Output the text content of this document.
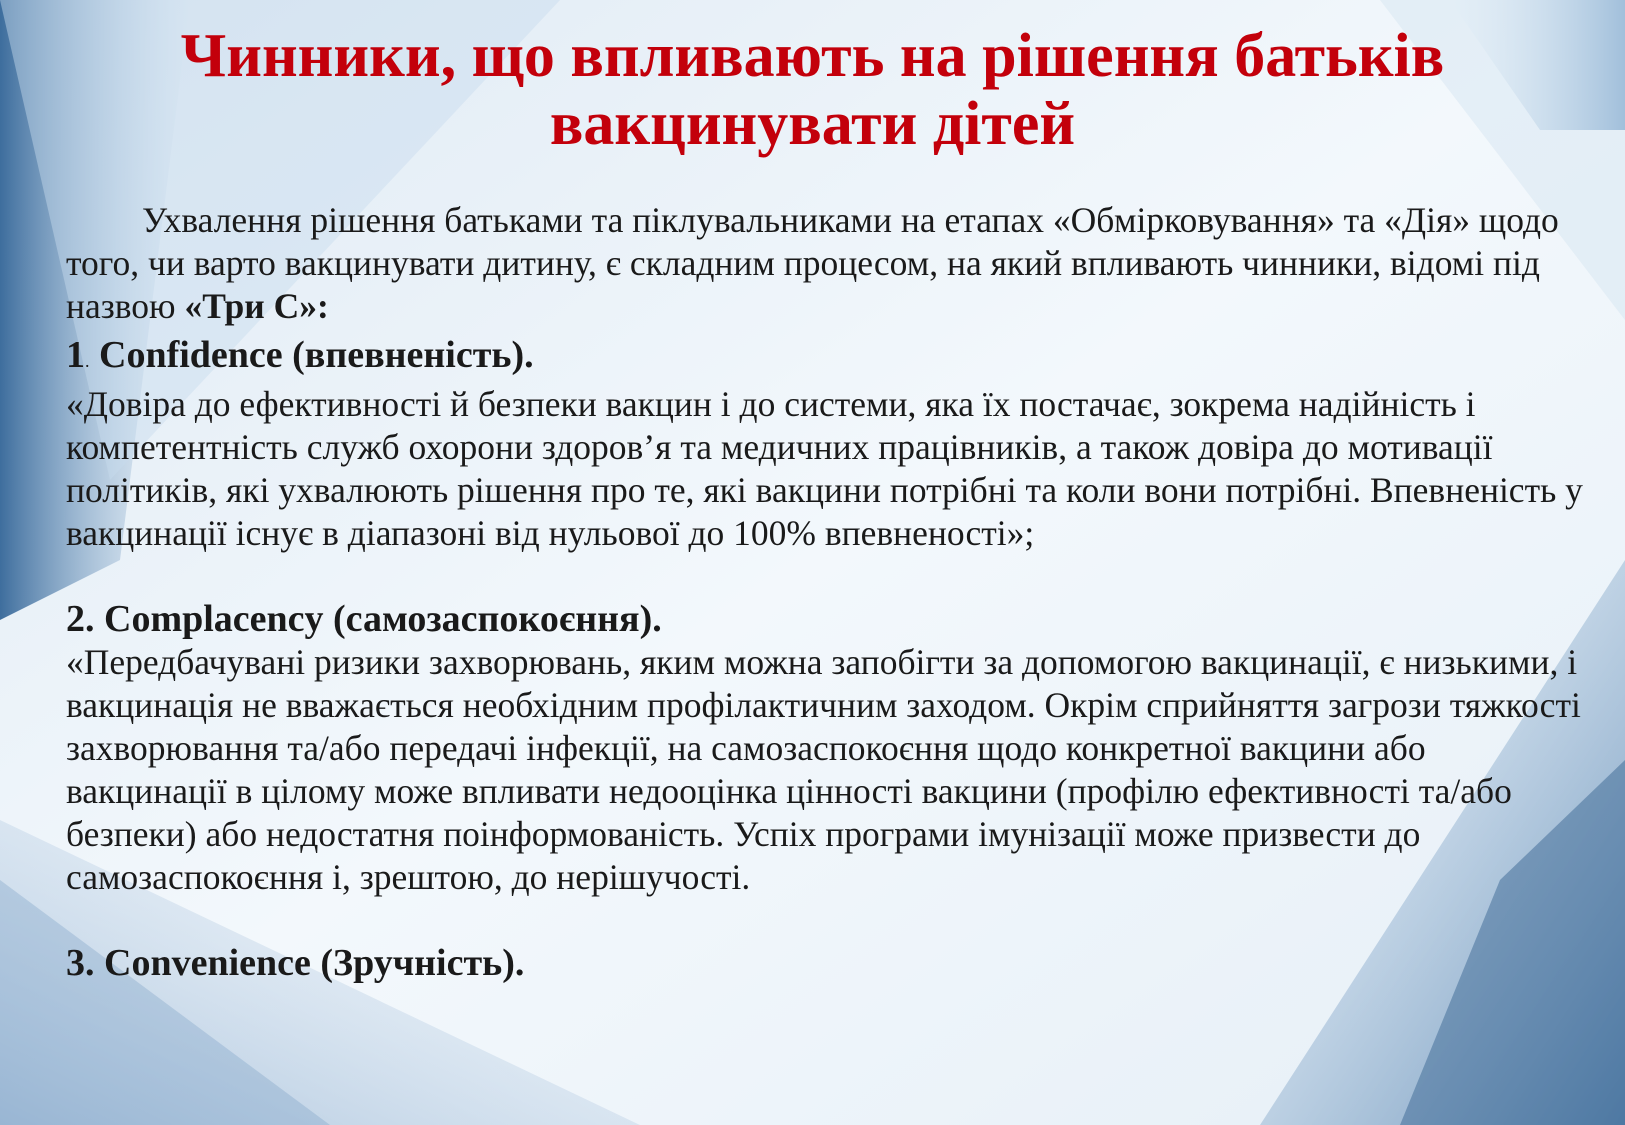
Чинники, що впливають на рішення батьків
вакцинувати дітей

Ухвалення рішення батьками та піклувальниками на етапах «Обмірковування» та «Дія» щодо того, чи варто вакцинувати дитину, є складним процесом, на який впливають чинники, відомі під назвою «Три С»:

1. Confidence (впевненість).

«Довіра до ефективності й безпеки вакцин і до системи, яка їх постачає, зокрема надійність і компетентність служб охорони здоров’я та медичних працівників, а також довіра до мотивації політиків, які ухвалюють рішення про те, які вакцини потрібні та коли вони потрібні. Впевненість у вакцинації існує в діапазоні від нульової до 100% впевненості»;

2. Complacency (самозаспокоєння).

«Передбачувані ризики захворювань, яким можна запобігти за допомогою вакцинації, є низькими, і вакцинація не вважається необхідним профілактичним заходом. Окрім сприйняття загрози тяжкості захворювання та/або передачі інфекції, на самозаспокоєння щодо конкретної вакцини або вакцинації в цілому може впливати недооцінка цінності вакцини (профілю ефективності та/або безпеки) або недостатня поінформованість. Успіх програми імунізації може призвести до самозаспокоєння і, зрештою, до нерішучості.

3. Convenience (Зручність).
